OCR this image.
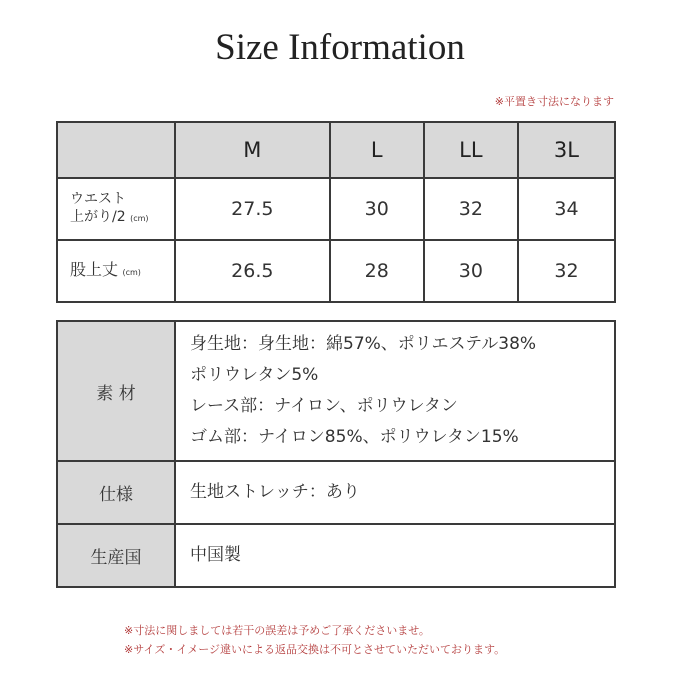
Size Information
※平置き寸法になります
	M	L	LL	3L
ウエスト
上がり/2 (cm)	27.5	30	32	34
股上丈 (cm)	26.5	28	30	32
素 材	身生地：身生地：綿57%、ポリエステル38%
ポリウレタン5%
レース部：ナイロン、ポリウレタン
ゴム部：ナイロン85%、ポリウレタン15%

仕様	生地ストレッチ：あり

生産国	中国製
※寸法に関しましては若干の誤差は予めご了承くださいませ。
※サイズ・イメージ違いによる返品交換は不可とさせていただいております。
